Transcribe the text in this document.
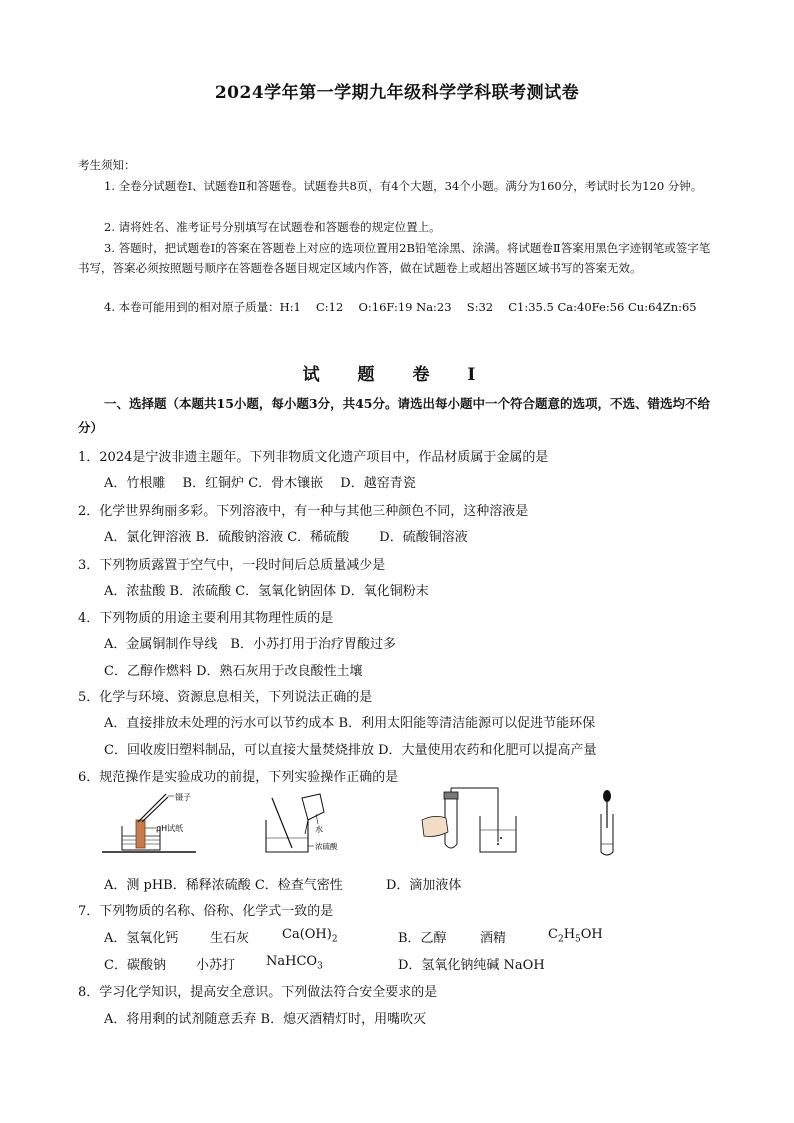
2024学年第一学期九年级科学学科联考测试卷
考生须知：
1. 全卷分试题卷Ⅰ、试题卷Ⅱ和答题卷。试题卷共8页，有4个大题，34个小题。满分为160分，考试时长为120 分钟。
2. 请将姓名、准考证号分别填写在试题卷和答题卷的规定位置上。
3. 答题时，把试题卷Ⅰ的答案在答题卷上对应的选项位置用2B铅笔涂黑、涂满。将试题卷Ⅱ答案用黑色字迹钢笔或签字笔书写，答案必须按照题号顺序在答题卷各题目规定区域内作答，做在试题卷上或超出答题区域书写的答案无效。
4. 本卷可能用到的相对原子质量：H:1　 C:12　 O:16F:19 Na:23　 S:32　 C1:35.5 Ca:40Fe:56 Cu:64Zn:65
试 题 卷 I
一、选择题（本题共15小题，每小题3分，共45分。请选出每小题中一个符合题意的选项，不选、错选均不给分）
1．2024是宁波非遗主题年。下列非物质文化遗产项目中，作品材质属于金属的是
A．竹根雕　 B．红铜炉 C．骨木镶嵌　 D．越窑青瓷
2．化学世界绚丽多彩。下列溶液中，有一种与其他三种颜色不同，这种溶液是
A．氯化钾溶液 B．硫酸钠溶液 C．稀硫酸　　 D．硫酸铜溶液
3．下列物质露置于空气中，一段时间后总质量减少是
A．浓盐酸 B．浓硫酸 C．氢氧化钠固体 D．氧化铜粉末
4．下列物质的用途主要利用其物理性质的是
A．金属铜制作导线　B．小苏打用于治疗胃酸过多
C．乙醇作燃料 D．熟石灰用于改良酸性土壤
5．化学与环境、资源息息相关，下列说法正确的是
A．直接排放未处理的污水可以节约成本 B．利用太阳能等清洁能源可以促进节能环保
C．回收废旧塑料制品，可以直接大量焚烧排放 D．大量使用农药和化肥可以提高产量
6．规范操作是实验成功的前提，下列实验操作正确的是
镊子
pH试纸	水
浓硫酸
A．测 pHB．稀释浓硫酸 C．检查气密性　　　 D．滴加液体
7．下列物质的名称、俗称、化学式一致的是
A．氢氧化钙 生石灰	$Ca(OH)_2$	B．乙醇	酒精	$C_2H_5OH$
C．碳酸钠 小苏打 NaHCO$_3$	D．氢氧化钠纯碱 NaOH
8．学习化学知识，提高安全意识。下列做法符合安全要求的是
A．将用剩的试剂随意丢弃 B．熄灭酒精灯时，用嘴吹灭
